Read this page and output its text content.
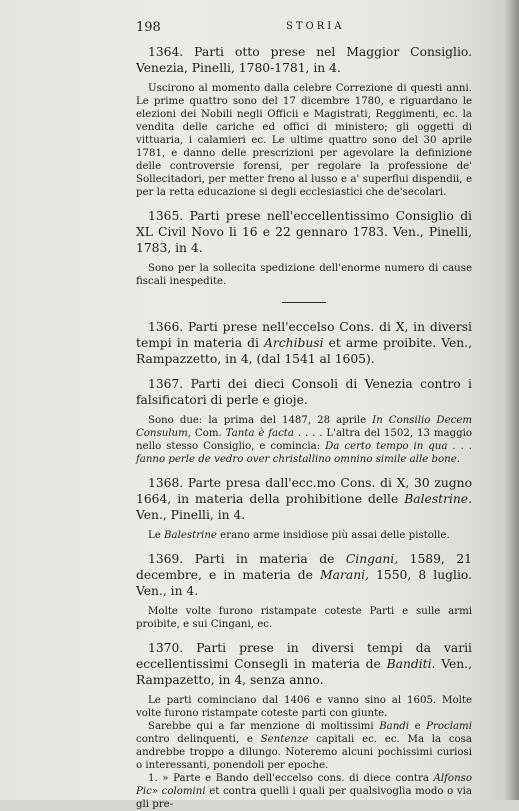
198	STORIA

1364. Parti otto prese nel Maggior Consiglio. Venezia, Pinelli, 1780-1781, in 4.

Uscirono al momento dalla celebre Correzione di questi anni. Le prime quattro sono del 17 dicembre 1780, e riguardano le elezioni dei Nobili negli Officii e Magistrati, Reggimenti, ec. la vendita delle cariche ed offici di ministero; gli oggetti di vittuaria, i calamieri ec. Le ultime quattro sono del 30 aprile 1781, e danno delle prescrizioni per agevolare la definizione delle controversie forensi, per regolare la professione de' Sollecitadori, per metter freno al lusso e a' superflui dispendii, e per la retta educazione si degli ecclesiastici che de'secolari.

1365. Parti prese nell'eccellentissimo Consiglio di XL Civil Novo li 16 e 22 gennaro 1783. Ven., Pinelli, 1783, in 4.

Sono per la sollecita spedizione dell'enorme numero di cause fiscali inespedite.

1366. Parti prese nell'eccelso Cons. di X, in diversi tempi in materia di Archibusi et arme proibite. Ven., Rampazzetto, in 4, (dal 1541 al 1605).

1367. Parti dei dieci Consoli di Venezia contro i falsificatori di perle e gioje.

Sono due: la prima del 1487, 28 aprile In Consilio Decem Consulum, Com. Tanta è facta . . . . L'altra del 1502, 13 maggio nello stesso Consiglio, e comincia: Da certo tempo in qua . . . fanno perle de vedro over christallino omnino simile alle bone.

1368. Parte presa dall'ecc.mo Cons. di X, 30 zugno 1664, in materia della prohibitione delle Balestrine. Ven., Pinelli, in 4.

Le Balestrine erano arme insidiose più assai delle pistolle.

1369. Parti in materia de Cingani, 1589, 21 decembre, e in materia de Marani, 1550, 8 luglio. Ven., in 4.

Molte volte furono ristampate coteste Parti e sulle armi proibite, e sui Cingani, ec.

1370. Parti prese in diversi tempi da varii eccellentissimi Consegli in materia de Banditi. Ven., Rampazetto, in 4, senza anno.

Le parti cominciano dal 1406 e vanno sino al 1605. Molte volte furono ristampate coteste parti con giunte.

Sarebbe qui a far menzione di moltissimi Bandi e Proclami contro delinquenti, e Sentenze capitali ec. ec. Ma la cosa andrebbe troppo a dilungo. Noteremo alcuni pochissimi curiosi o interessanti, ponendoli per epoche.

1. » Parte e Bando dell'eccelso cons. di diece contra Alfonso Pic» colomini et contra quelli i quali per qualsivoglia modo o via gli pre-
